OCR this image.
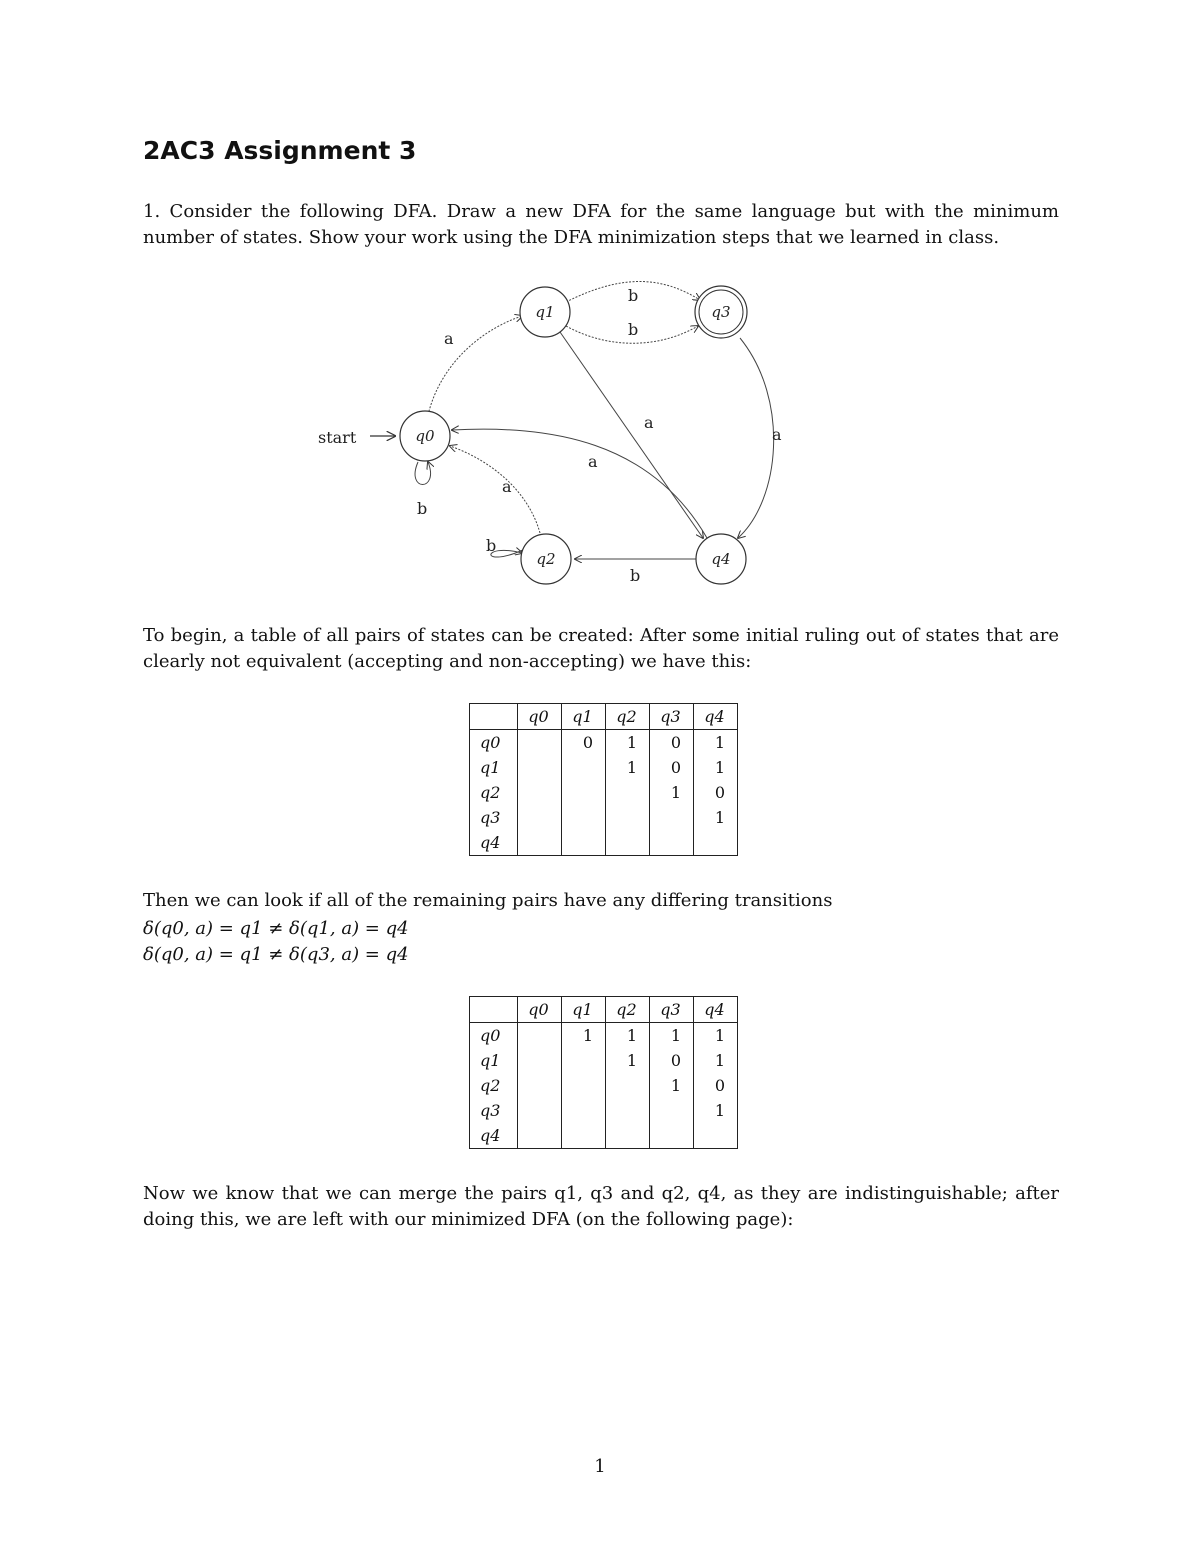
2AC3 Assignment 3

1. Consider the following DFA. Draw a new DFA for the same language but with the minimum number of states. Show your work using the DFA minimization steps that we learned in class.

start
a
b
b
b
a
a
a
a
b
b
q0
q1
q2
q3
q4

To begin, a table of all pairs of states can be created: After some initial ruling out of states that are clearly not equivalent (accepting and non-accepting) we have this:

	q0	q1	q2	q3	q4
q0		0	1	0	1
q1			1	0	1
q2				1	0
q3					1
q4					

Then we can look if all of the remaining pairs have any differing transitions

δ(q0, a) = q1 ≠ δ(q1, a) = q4

δ(q0, a) = q1 ≠ δ(q3, a) = q4

	q0	q1	q2	q3	q4
q0		1	1	1	1
q1			1	0	1
q2				1	0
q3					1
q4					

Now we know that we can merge the pairs q1, q3 and q2, q4, as they are indistinguishable; after doing this, we are left with our minimized DFA (on the following page):

1
